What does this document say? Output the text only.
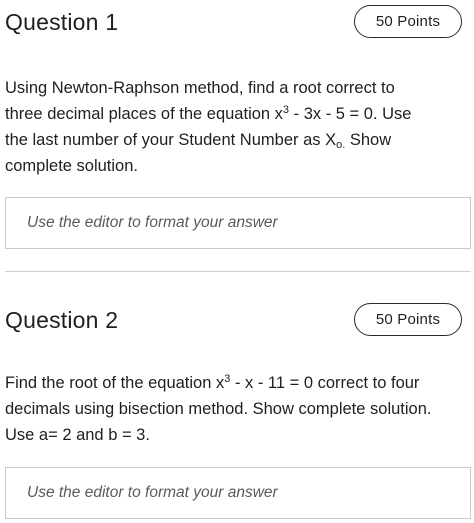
Question 1	50 Points

Using Newton-Raphson method, find a root correct to
three decimal places of the equation $x^3 - 3x - 5 = 0$. Use
the last number of your Student Number as $X_{o.}$ Show
complete solution.

Use the editor to format your answer
Question 2	50 Points

Find the root of the equation $x^3 - x - 11 = 0$ correct to four
decimals using bisection method. Show complete solution.
Use a= 2 and b = 3.

Use the editor to format your answer
